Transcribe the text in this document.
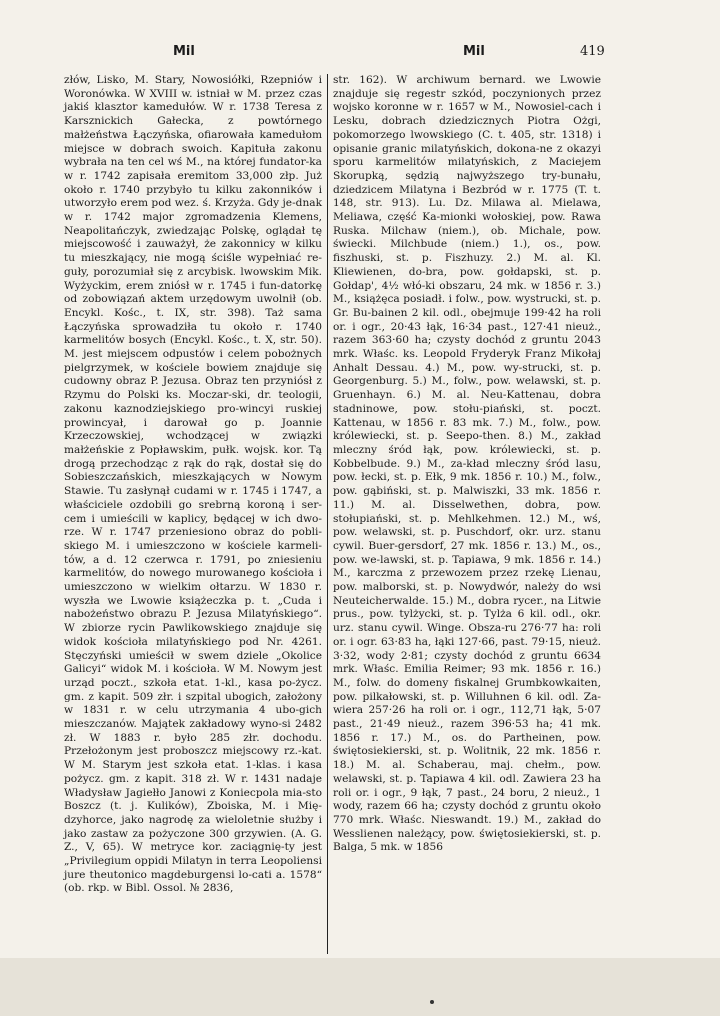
Mil	Mil	419
złów, Lisko, M. Stary, Nowosiółki, Rzepniów i Woronówka. W XVIII w. istniał w M. przez czas jakiś klasztor kamedułów. W r. 1738 Teresa z Karsznickich Gałecka, z powtórnego małżeństwa Łączyńska, ofiarowała kamedułom miejsce w dobrach swoich. Kapituła zakonu wybrała na ten cel wś M., na której fundator-ka w r. 1742 zapisała eremitom 33,000 złp. Już około r. 1740 przybyło tu kilku zakonników i utworzyło erem pod wez. ś. Krzyża. Gdy je-dnak w r. 1742 major zgromadzenia Klemens, Neapolitańczyk, zwiedzając Polskę, oglądał tę miejscowość i zauważył, że zakonnicy w kilku tu mieszkający, nie mogą ściśle wypełniać re-guły, porozumiał się z arcybisk. lwowskim Mik. Wyżyckim, erem zniósł w r. 1745 i fun-datorkę od zobowiązań aktem urzędowym uwolnił (ob. Encykl. Kośc., t. IX, str. 398). Taż sama Łączyńska sprowadziła tu około r. 1740 karmelitów bosych (Encykl. Kośc., t. X, str. 50). M. jest miejscem odpustów i celem pobożnych pielgrzymek, w kościele bowiem znajduje się cudowny obraz P. Jezusa. Obraz ten przyniósł z Rzymu do Polski ks. Moczar-ski, dr. teologii, zakonu kaznodziejskiego pro-wincyi ruskiej prowincyał, i darował go p. Joannie Krzeczowskiej, wchodzącej w związki małżeńskie z Popławskim, pułk. wojsk. kor. Tą drogą przechodząc z rąk do rąk, dostał się do Sobieszczańskich, mieszkających w Nowym Stawie. Tu zasłynął cudami w r. 1745 i 1747, a właściciele ozdobili go srebrną koroną i ser-cem i umieścili w kaplicy, będącej w ich dwo-rze. W r. 1747 przeniesiono obraz do pobli-skiego M. i umieszczono w kościele karmeli-tów, a d. 12 czerwca r. 1791, po zniesieniu karmelitów, do nowego murowanego kościoła i umieszczono w wielkim ołtarzu. W 1830 r. wyszła we Lwowie książeczka p. t. „Cuda i nabożeństwo obrazu P. Jezusa Milatyńskiego“. W zbiorze rycin Pawlikowskiego znajduje się widok kościoła milatyńskiego pod Nr. 4261. Stęczyński umieścił w swem dziele „Okolice Galicyi“ widok M. i kościoła. W M. Nowym jest urząd poczt., szkoła etat. 1-kl., kasa po-życz. gm. z kapit. 509 złr. i szpital ubogich, założony w 1831 r. w celu utrzymania 4 ubo-gich mieszczanów. Majątek zakładowy wyno-si 2482 zł. W 1883 r. było 285 złr. dochodu. Przełożonym jest proboszcz miejscowy rz.-kat. W M. Starym jest szkoła etat. 1-klas. i kasa pożycz. gm. z kapit. 318 zł. W r. 1431 nadaje Władysław Jagiełło Janowi z Koniecpola mia-sto Boszcz (t. j. Kulików), Zboiska, M. i Mię-dzyhorce, jako nagrodę za wieloletnie służby i jako zastaw za pożyczone 300 grzywien. (A. G. Z., V, 65). W metryce kor. zaciągnię-ty jest „Privilegium oppidi Milatyn in terra Leopoliensi jure theutonico magdeburgensi lo-cati a. 1578“ (ob. rkp. w Bibl. Ossol. № 2836,
str. 162). W archiwum bernard. we Lwowie znajduje się regestr szkód, poczynionych przez wojsko koronne w r. 1657 w M., Nowosiel-cach i Lesku, dobrach dziedzicznych Piotra Ożgi, pokomorzego lwowskiego (C. t. 405, str. 1318) i opisanie granic milatyńskich, dokona-ne z okazyi sporu karmelitów milatyńskich, z Maciejem Skorupką, sędzią najwyższego try-bunału, dziedzicem Milatyna i Bezbród w r. 1775 (T. t. 148, str. 913). Lu. Dz. Milawa al. Mielawa, Meliawa, część Ka-mionki wołoskiej, pow. Rawa Ruska. Milchaw (niem.), ob. Michale, pow. świecki. Milchbude (niem.) 1.), os., pow. fiszhuski, st. p. Fiszhuzy. 2.) M. al. Kl. Kliewienen, do-bra, pow. gołdapski, st. p. Gołdap', 4½ włó-ki obszaru, 24 mk. w 1856 r. 3.) M., książęca posiadł. i folw., pow. wystrucki, st. p. Gr. Bu-bainen 2 kil. odl., obejmuje 199·42 ha roli or. i ogr., 20·43 łąk, 16·34 past., 127·41 nieuż., razem 363·60 ha; czysty dochód z gruntu 2043 mrk. Właśc. ks. Leopold Fryderyk Franz Mikołaj Anhalt Dessau. 4.) M., pow. wy-strucki, st. p. Georgenburg. 5.) M., folw., pow. welawski, st. p. Gruenhayn. 6.) M. al. Neu-Kattenau, dobra stadninowe, pow. stołu-piański, st. poczt. Kattenau, w 1856 r. 83 mk. 7.) M., folw., pow. królewiecki, st. p. Seepo-then. 8.) M., zakład mleczny śród łąk, pow. królewiecki, st. p. Kobbelbude. 9.) M., za-kład mleczny śród lasu, pow. łecki, st. p. Ełk, 9 mk. 1856 r. 10.) M., folw., pow. gąbiński, st. p. Malwiszki, 33 mk. 1856 r. 11.) M. al. Disselwethen, dobra, pow. stołupiański, st. p. Mehlkehmen. 12.) M., wś, pow. welawski, st. p. Puschdorf, okr. urz. stanu cywil. Buer-gersdorf, 27 mk. 1856 r. 13.) M., os., pow. we-lawski, st. p. Tapiawa, 9 mk. 1856 r. 14.) M., karczma z przewozem przez rzekę Lienau, pow. malborski, st. p. Nowydwór, należy do wsi Neuteicherwalde. 15.) M., dobra rycer., na Litwie prus., pow. tylżycki, st. p. Tylża 6 kil. odl., okr. urz. stanu cywil. Winge. Obsza-ru 276·77 ha: roli or. i ogr. 63·83 ha, łąki 127·66, past. 79·15, nieuż. 3·32, wody 2·81; czysty dochód z gruntu 6634 mrk. Właśc. Emilia Reimer; 93 mk. 1856 r. 16.) M., folw. do domeny fiskalnej Grumbkowkaiten, pow. pilkałowski, st. p. Willuhnen 6 kil. odl. Za-wiera 257·26 ha roli or. i ogr., 112,71 łąk, 5·07 past., 21·49 nieuż., razem 396·53 ha; 41 mk. 1856 r. 17.) M., os. do Partheinen, pow. świętosiekierski, st. p. Wolitnik, 22 mk. 1856 r. 18.) M. al. Schaberau, maj. chełm., pow. welawski, st. p. Tapiawa 4 kil. odl. Zawiera 23 ha roli or. i ogr., 9 łąk, 7 past., 24 boru, 2 nieuż., 1 wody, razem 66 ha; czysty dochód z gruntu około 770 mrk. Właśc. Nieswandt. 19.) M., zakład do Wesslienen należący, pow. świętosiekierski, st. p. Balga, 5 mk. w 1856
